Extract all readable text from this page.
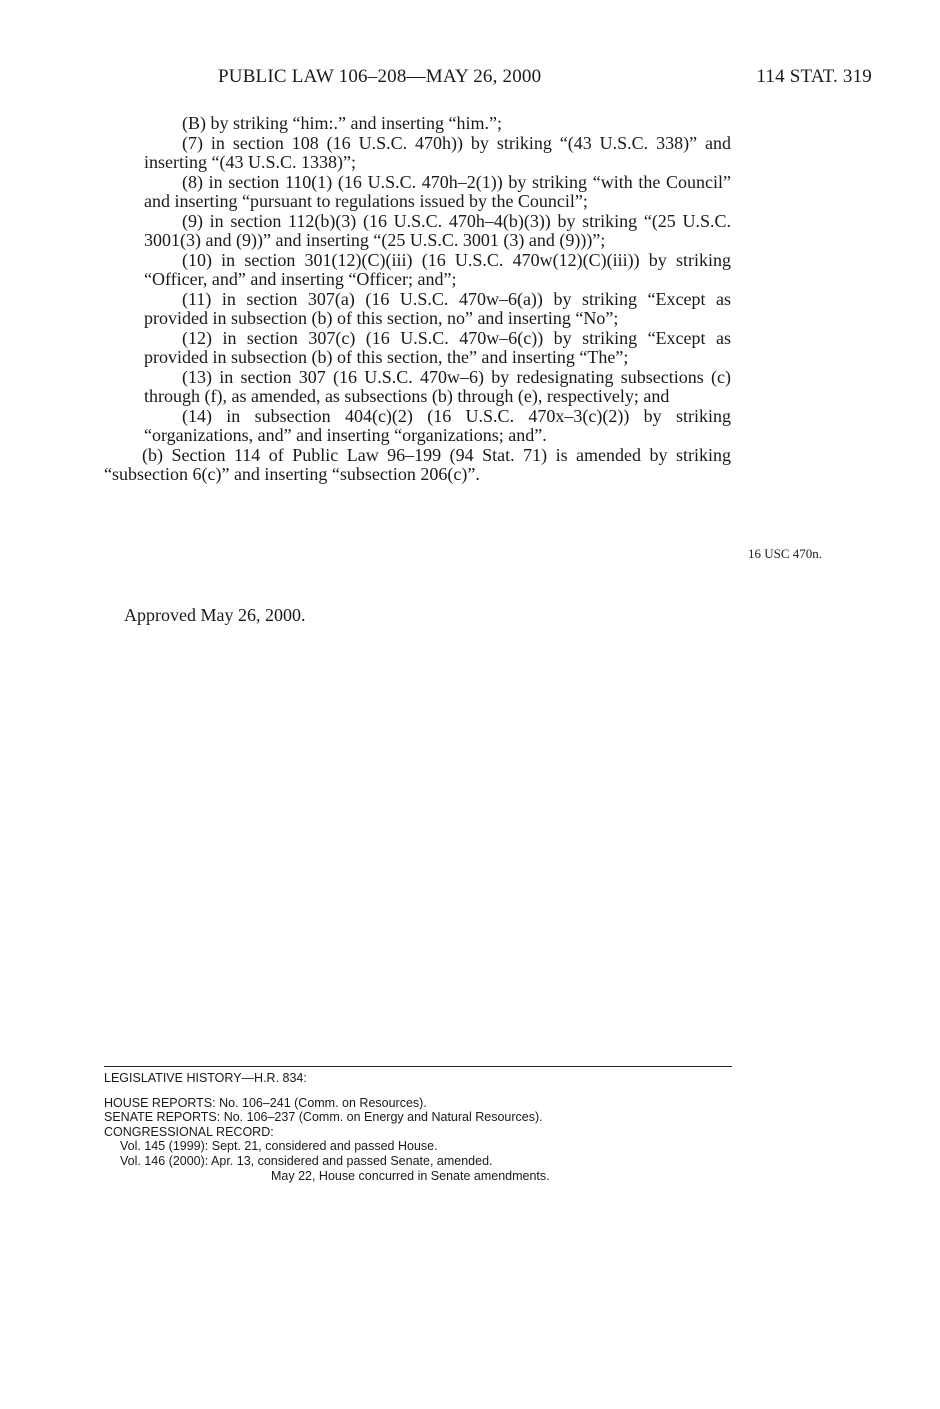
PUBLIC LAW 106–208—MAY 26, 2000	114 STAT. 319

(B) by striking “him:.” and inserting “him.”;

(7) in section 108 (16 U.S.C. 470h)) by striking “(43 U.S.C. 338)” and inserting “(43 U.S.C. 1338)”;

(8) in section 110(1) (16 U.S.C. 470h–2(1)) by striking “with the Council” and inserting “pursuant to regulations issued by the Council”;

(9) in section 112(b)(3) (16 U.S.C. 470h–4(b)(3)) by striking “(25 U.S.C. 3001(3) and (9))” and inserting “(25 U.S.C. 3001 (3) and (9)))”;

(10) in section 301(12)(C)(iii) (16 U.S.C. 470w(12)(C)(iii)) by striking “Officer, and” and inserting “Officer; and”;

(11) in section 307(a) (16 U.S.C. 470w–6(a)) by striking “Except as provided in subsection (b) of this section, no” and inserting “No”;

(12) in section 307(c) (16 U.S.C. 470w–6(c)) by striking “Except as provided in subsection (b) of this section, the” and inserting “The”;

(13) in section 307 (16 U.S.C. 470w–6) by redesignating subsections (c) through (f), as amended, as subsections (b) through (e), respectively; and

(14) in subsection 404(c)(2) (16 U.S.C. 470x–3(c)(2)) by striking “organizations, and” and inserting “organizations; and”.

(b) Section 114 of Public Law 96–199 (94 Stat. 71) is amended by striking “subsection 6(c)” and inserting “subsection 206(c)”.

16 USC 470n.
Approved May 26, 2000.
LEGISLATIVE HISTORY—H.R. 834:
HOUSE REPORTS: No. 106–241 (Comm. on Resources).
SENATE REPORTS: No. 106–237 (Comm. on Energy and Natural Resources).
CONGRESSIONAL RECORD:
Vol. 145 (1999): Sept. 21, considered and passed House.
Vol. 146 (2000): Apr. 13, considered and passed Senate, amended.
May 22, House concurred in Senate amendments.
